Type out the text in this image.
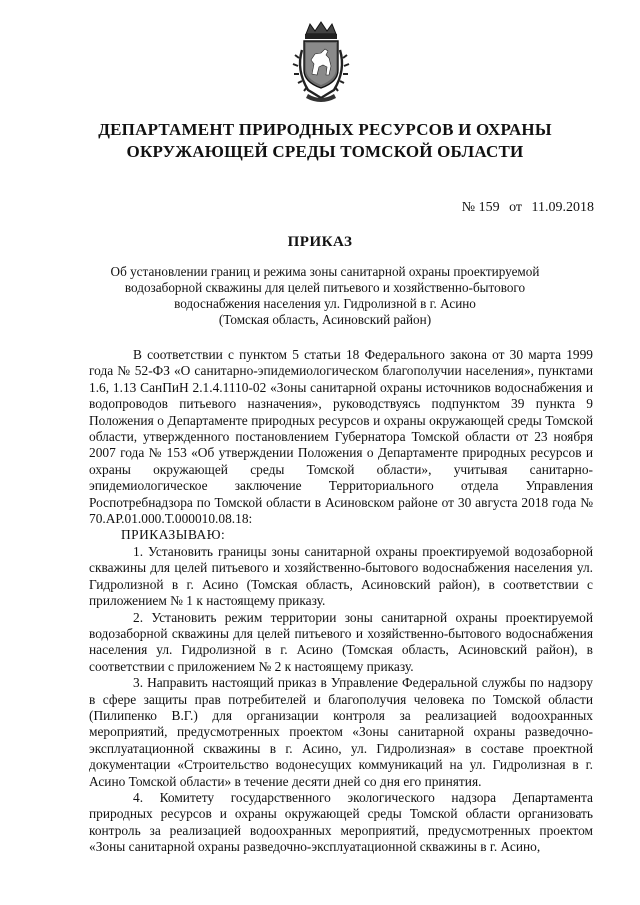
ДЕПАРТАМЕНТ ПРИРОДНЫХ РЕСУРСОВ И ОХРАНЫ
ОКРУЖАЮЩЕЙ СРЕДЫ ТОМСКОЙ ОБЛАСТИ
№ 159 от 11.09.2018
ПРИКАЗ
Об установлении границ и режима зоны санитарной охраны проектируемой
водозаборной скважины для целей питьевого и хозяйственно-бытового
водоснабжения населения ул. Гидролизной в г. Асино
(Томская область, Асиновский район)

В соответствии с пунктом 5 статьи 18 Федерального закона от 30 марта 1999 года № 52-ФЗ «О санитарно-эпидемиологическом благополучии населения», пунктами 1.6, 1.13 СанПиН 2.1.4.1110-02 «Зоны санитарной охраны источников водоснабжения и водопроводов питьевого назначения», руководствуясь подпунктом 39 пункта 9 Положения о Департаменте природных ресурсов и охраны окружающей среды Томской области, утвержденного постановлением Губернатора Томской области от 23 ноября 2007 года № 153 «Об утверждении Положения о Департаменте природных ресурсов и охраны окружающей среды Томской области», учитывая санитарно-эпидемиологическое заключение Территориального отдела Управления Роспотребнадзора по Томской области в Асиновском районе от 30 августа 2018 года № 70.АР.01.000.Т.000010.08.18:

ПРИКАЗЫВАЮ:

1. Установить границы зоны санитарной охраны проектируемой водозаборной скважины для целей питьевого и хозяйственно-бытового водоснабжения населения ул. Гидролизной в г. Асино (Томская область, Асиновский район), в соответствии с приложением № 1 к настоящему приказу.

2. Установить режим территории зоны санитарной охраны проектируемой водозаборной скважины для целей питьевого и хозяйственно-бытового водоснабжения населения ул. Гидролизной в г. Асино (Томская область, Асиновский район), в соответствии с приложением № 2 к настоящему приказу.

3. Направить настоящий приказ в Управление Федеральной службы по надзору в сфере защиты прав потребителей и благополучия человека по Томской области (Пилипенко В.Г.) для организации контроля за реализацией водоохранных мероприятий, предусмотренных проектом «Зоны санитарной охраны разведочно-эксплуатационной скважины в г. Асино, ул. Гидролизная» в составе проектной документации «Строительство водонесущих коммуникаций на ул. Гидролизная в г. Асино Томской области» в течение десяти дней со дня его принятия.

4. Комитету государственного экологического надзора Департамента природных ресурсов и охраны окружающей среды Томской области организовать контроль за реализацией водоохранных мероприятий, предусмотренных проектом «Зоны санитарной охраны разведочно-эксплуатационной скважины в г. Асино,
